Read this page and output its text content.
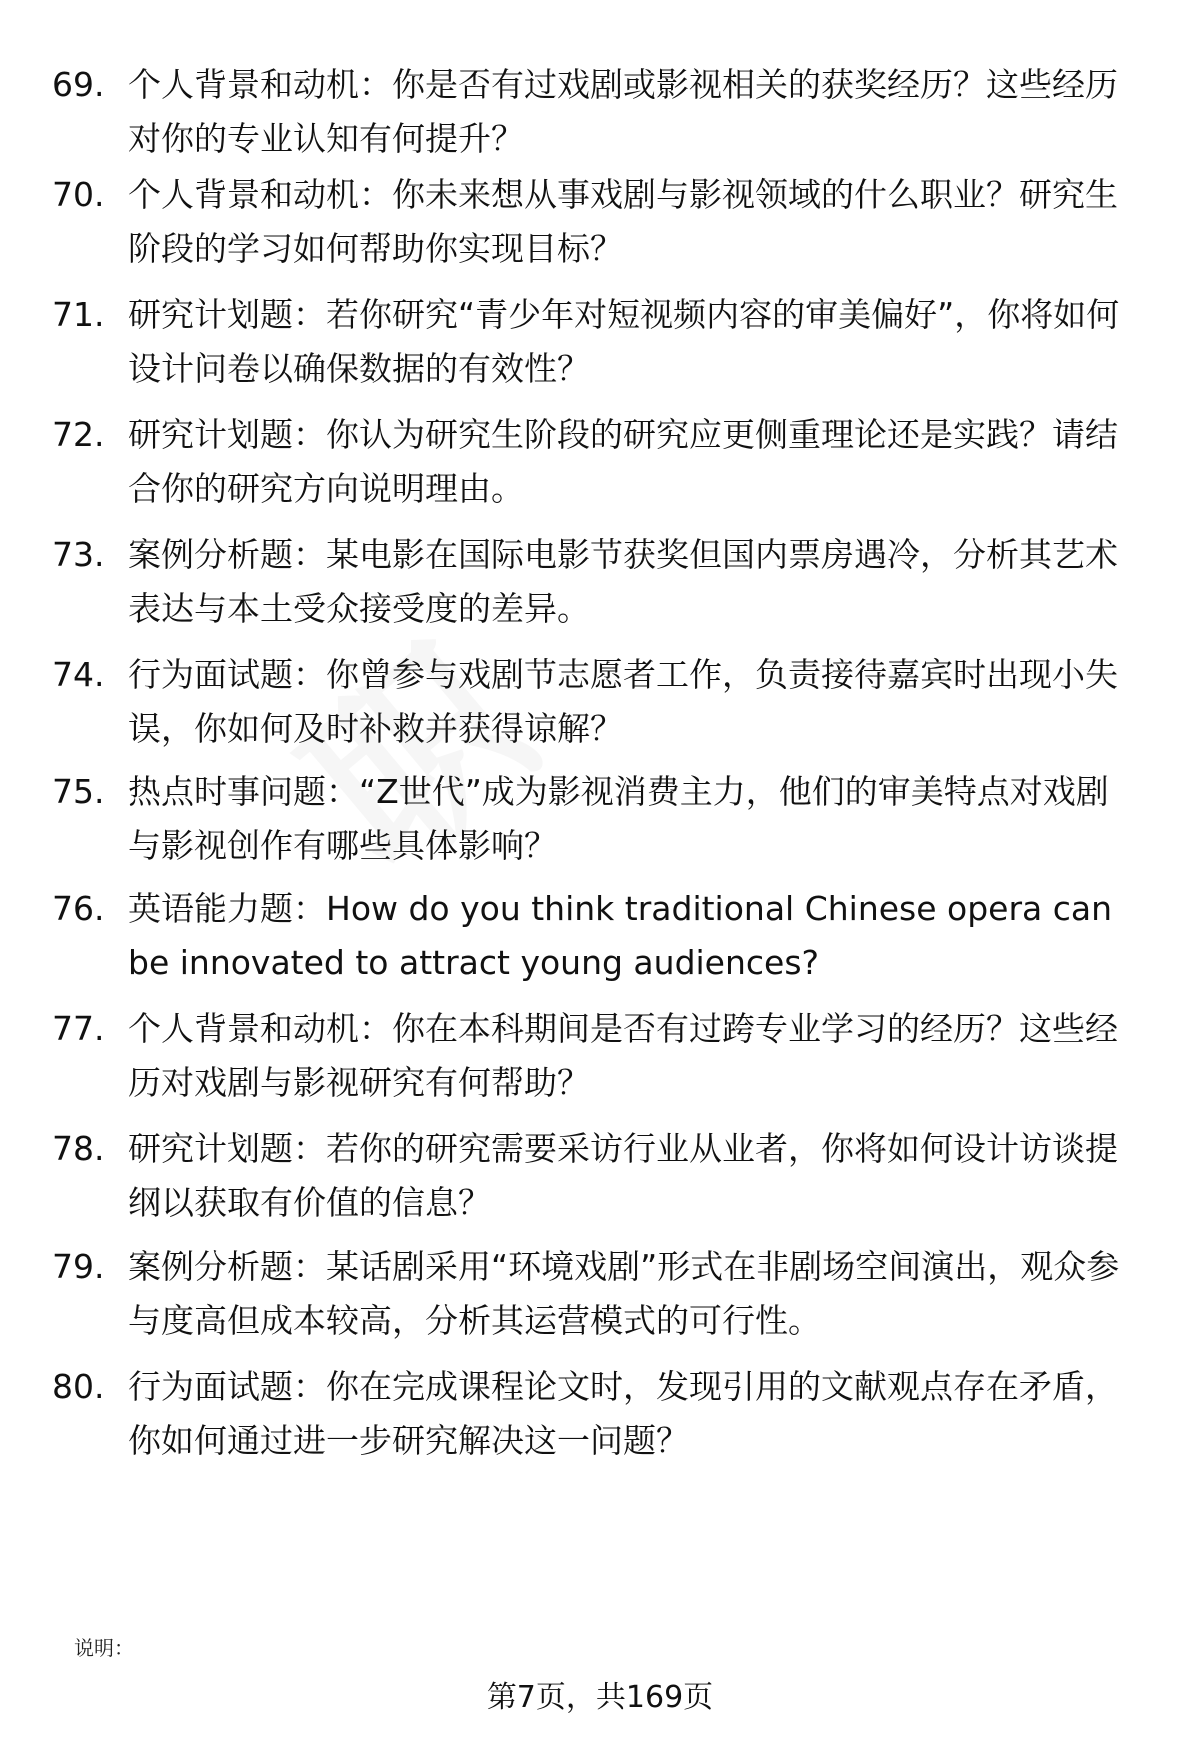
69. 个人背景和动机：你是否有过戏剧或影视相关的获奖经历？这些经历对你的专业认知有何提升？
70. 个人背景和动机：你未来想从事戏剧与影视领域的什么职业？研究生阶段的学习如何帮助你实现目标？
71. 研究计划题：若你研究“青少年对短视频内容的审美偏好”，你将如何设计问卷以确保数据的有效性？
72. 研究计划题：你认为研究生阶段的研究应更侧重理论还是实践？请结合你的研究方向说明理由。
73. 案例分析题：某电影在国际电影节获奖但国内票房遇冷，分析其艺术表达与本土受众接受度的差异。
74. 行为面试题：你曾参与戏剧节志愿者工作，负责接待嘉宾时出现小失误，你如何及时补救并获得谅解？
75. 热点时事问题：“Z世代”成为影视消费主力，他们的审美特点对戏剧与影视创作有哪些具体影响？
76. 英语能力题：How do you think traditional Chinese opera can be innovated to attract young audiences?
77. 个人背景和动机：你在本科期间是否有过跨专业学习的经历？这些经历对戏剧与影视研究有何帮助？
78. 研究计划题：若你的研究需要采访行业从业者，你将如何设计访谈提纲以获取有价值的信息？
79. 案例分析题：某话剧采用“环境戏剧”形式在非剧场空间演出，观众参与度高但成本较高，分析其运营模式的可行性。
80. 行为面试题：你在完成课程论文时，发现引用的文献观点存在矛盾，你如何通过进一步研究解决这一问题？
说明：
第7页，共169页
